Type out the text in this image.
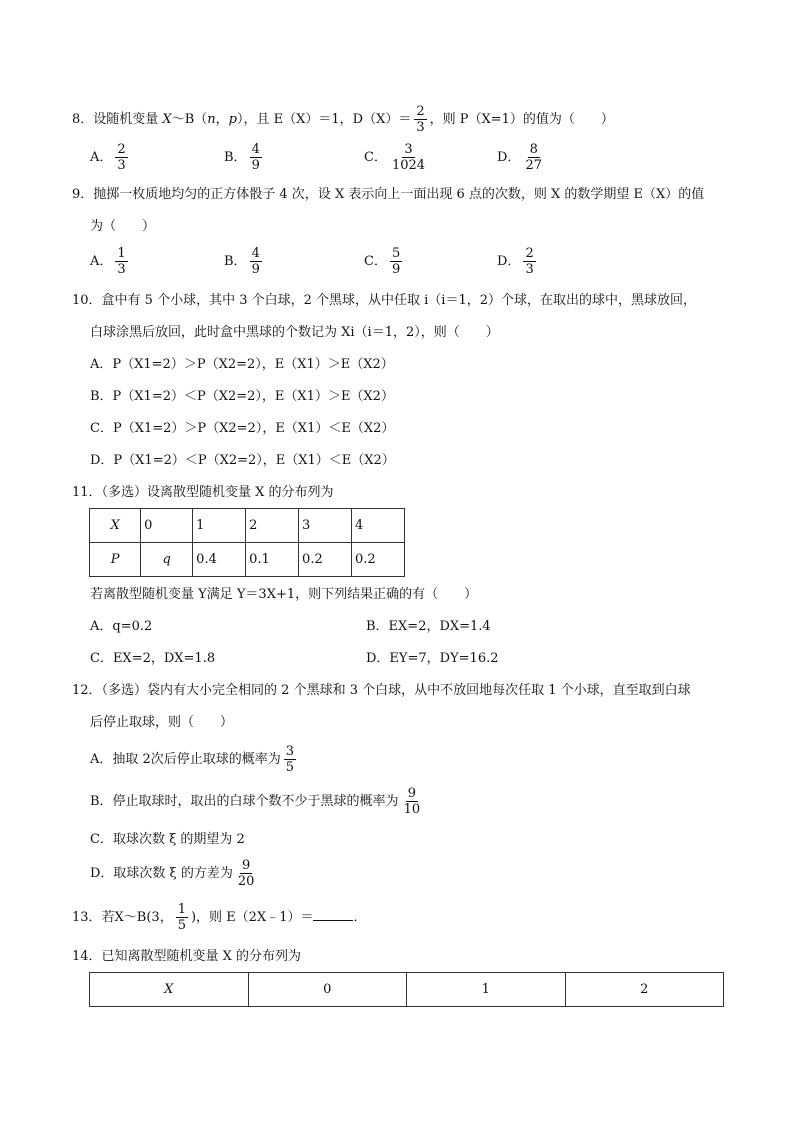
8．设随机变量 X～B（n，p），且 E（X）＝1，$D(X)= \frac{2}{3}$ ，则 P（X=1）的值为（　　）
A． $\frac{2}{3}$	B． $\frac{4}{9}$	C． $\frac{3}{1024}$	D． $\frac{8}{27}$
9．抛掷一枚质地均匀的正方体骰子 4 次，设 X 表示向上一面出现 6 点的次数，则 X 的数学期望 E（X）的值
为（　　）
A． $\frac{1}{3}$	B． $\frac{4}{9}$	C． $\frac{5}{9}$	D． $\frac{2}{3}$
10．盒中有 5 个小球，其中 3 个白球，2 个黑球，从中任取 i（i＝1，2）个球，在取出的球中，黑球放回，
白球涂黑后放回，此时盒中黑球的个数记为 Xi（i＝1，2），则（　　）
A．P（X1=2）＞P（X2=2），E（X1）＞E（X2）
B．P（X1=2）＜P（X2=2），E（X1）＞E（X2）
C．P（X1=2）＞P（X2=2），E（X1）＜E（X2）
D．P（X1=2）＜P（X2=2），E（X1）＜E（X2）
11．（多选）设离散型随机变量 X 的分布列为
X	0	1	2	3	4
P	q	0.4	0.1	0.2	0.2
若离散型随机变量 Y满足 Y＝3X+1，则下列结果正确的有（　　）
A．q=0.2	B．EX=2，DX=1.4
C．EX=2，DX=1.8	D．EY=7，DY=16.2
12．（多选）袋内有大小完全相同的 2 个黑球和 3 个白球，从中不放回地每次任取 1 个小球，直至取到白球
后停止取球，则（　　）
A．抽取 2次后停止取球的概率为 $\frac{3}{5}$
B．停止取球时，取出的白球个数不少于黑球的概率为 $\frac{9}{10}$
C．取球次数 ξ 的期望为 2
D．取球次数 ξ 的方差为 $\frac{9}{20}$
13．若X～B(3， $\frac{1}{5}$ )，则 E（2X﹣1）＝	．
14．已知离散型随机变量 X 的分布列为
X	0	1	2
